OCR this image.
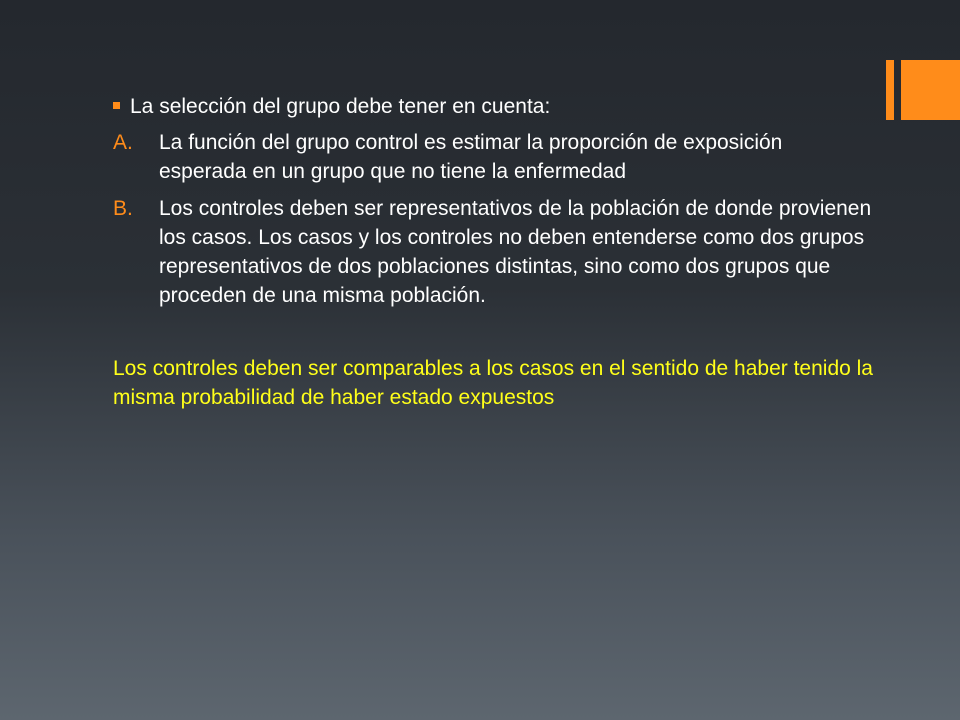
La selección del grupo debe tener en cuenta:
A.	La función del grupo control es estimar la proporción de exposición esperada en un grupo que no tiene la enfermedad
B.	Los controles deben ser representativos de la población de donde provienen los casos. Los casos y los controles no deben entenderse como dos grupos representativos de dos poblaciones distintas, sino como dos grupos que proceden de una misma población.
Los controles deben ser comparables a los casos en el sentido de haber tenido la misma probabilidad de haber estado expuestos
